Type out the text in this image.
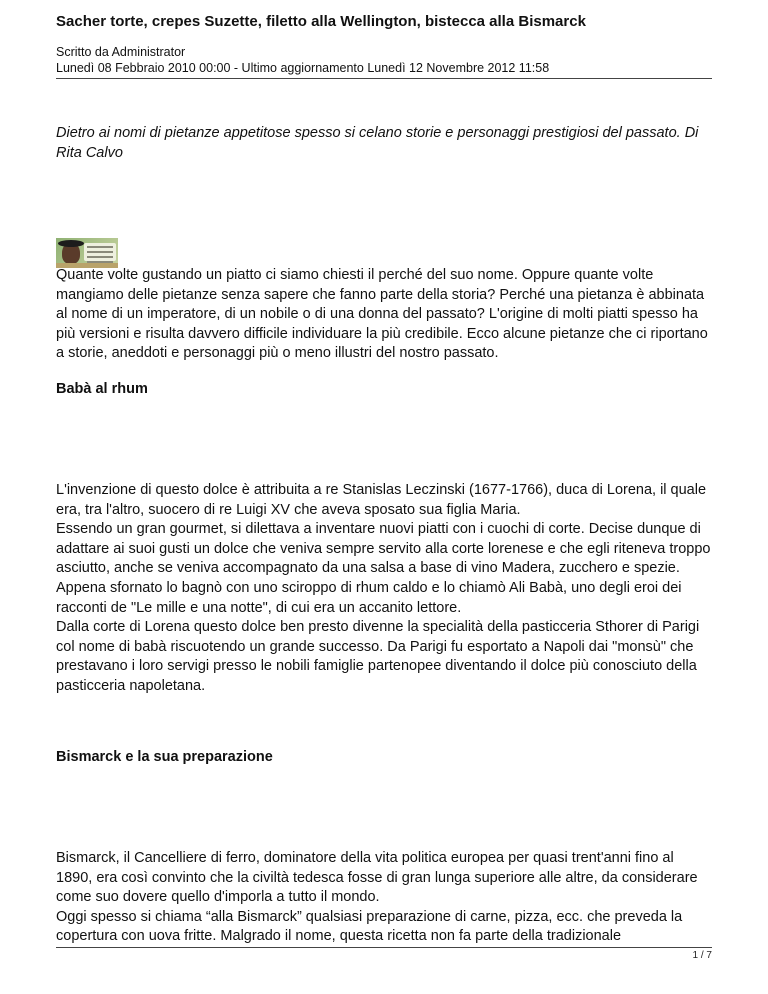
Sacher torte, crepes Suzette, filetto alla Wellington, bistecca alla Bismarck
Scritto da Administrator
Lunedì 08 Febbraio 2010 00:00 - Ultimo aggiornamento Lunedì 12 Novembre 2012 11:58
Dietro ai nomi di pietanze appetitose spesso si celano storie e personaggi prestigiosi del passato. Di Rita Calvo

Quante volte gustando un piatto ci siamo chiesti il perché del suo nome. Oppure quante volte mangiamo delle pietanze senza sapere che fanno parte della storia? Perché una pietanza è abbinata al nome di un imperatore, di un nobile o di una donna del passato? L'origine di molti piatti spesso ha più versioni e risulta davvero difficile individuare la più credibile. Ecco alcune pietanze che ci riportano a storie, aneddoti e personaggi più o meno illustri del nostro passato.

Babà al rhum

L'invenzione di questo dolce è attribuita a re Stanislas Leczinski (1677-1766), duca di Lorena, il quale era, tra l'altro, suocero di re Luigi XV che aveva sposato sua figlia Maria.

Essendo un gran gourmet, si dilettava a inventare nuovi piatti con i cuochi di corte. Decise dunque di adattare ai suoi gusti un dolce che veniva sempre servito alla corte lorenese e che egli riteneva troppo asciutto, anche se veniva accompagnato da una salsa a base di vino Madera, zucchero e spezie. Appena sfornato lo bagnò con uno sciroppo di rhum caldo e lo chiamò Ali Babà, uno degli eroi dei racconti de "Le mille e una notte", di cui era un accanito lettore.

Dalla corte di Lorena questo dolce ben presto divenne la specialità della pasticceria Sthorer di Parigi col nome di babà riscuotendo un grande successo. Da Parigi fu esportato a Napoli dai "monsù" che prestavano i loro servigi presso le nobili famiglie partenopee diventando il dolce più conosciuto della pasticceria napoletana.

Bismarck e la sua preparazione

Bismarck, il Cancelliere di ferro, dominatore della vita politica europea per quasi trent'anni fino al 1890, era così convinto che la civiltà tedesca fosse di gran lunga superiore alle altre, da considerare come suo dovere quello d'imporla a tutto il mondo.

Oggi spesso si chiama “alla Bismarck” qualsiasi preparazione di carne, pizza, ecc. che preveda la copertura con uova fritte. Malgrado il nome, questa ricetta non fa parte della tradizionale

1 / 7
